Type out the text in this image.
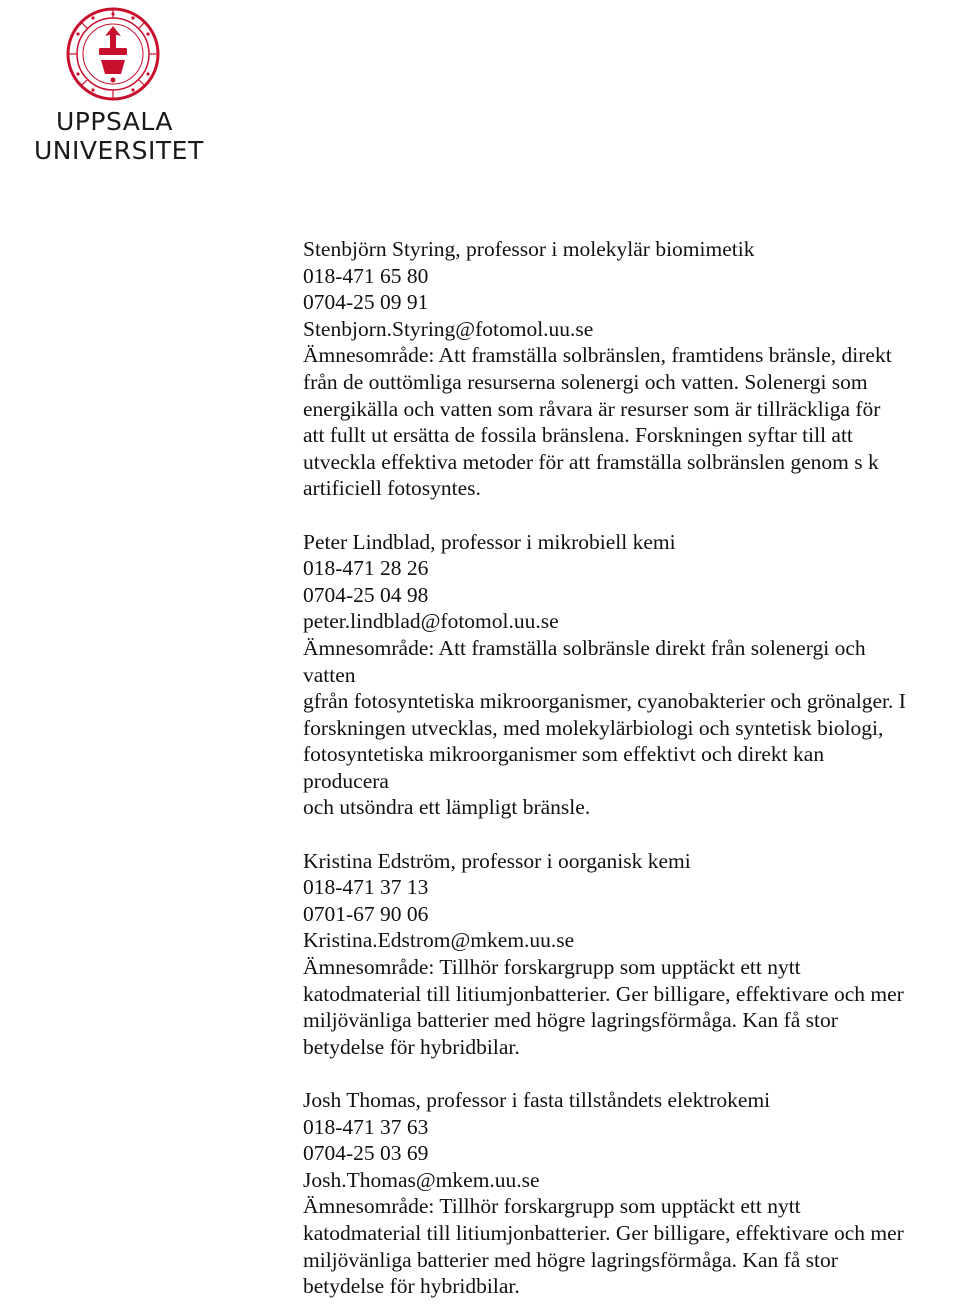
UPPSALA
UNIVERSITET
Stenbjörn Styring, professor i molekylär biomimetik
018-471 65 80
0704-25 09 91
Stenbjorn.Styring@fotomol.uu.se
Ämnesområde: Att framställa solbränslen, framtidens bränsle, direkt
från de outtömliga resurserna solenergi och vatten. Solenergi som
energikälla och vatten som råvara är resurser som är tillräckliga för
att fullt ut ersätta de fossila bränslena. Forskningen syftar till att
utveckla effektiva metoder för att framställa solbränslen genom s k
artificiell fotosyntes.
Peter Lindblad, professor i mikrobiell kemi
018-471 28 26
0704-25 04 98
peter.lindblad@fotomol.uu.se
Ämnesområde: Att framställa solbränsle direkt från solenergi och
vatten
gfrån fotosyntetiska mikroorganismer, cyanobakterier och grönalger. I
forskningen utvecklas, med molekylärbiologi och syntetisk biologi,
fotosyntetiska mikroorganismer som effektivt och direkt kan
producera
och utsöndra ett lämpligt bränsle.
Kristina Edström, professor i oorganisk kemi
018-471 37 13
0701-67 90 06
Kristina.Edstrom@mkem.uu.se
Ämnesområde: Tillhör forskargrupp som upptäckt ett nytt
katodmaterial till litiumjonbatterier. Ger billigare, effektivare och mer
miljövänliga batterier med högre lagringsförmåga. Kan få stor
betydelse för hybridbilar.
Josh Thomas, professor i fasta tillståndets elektrokemi
018-471 37 63
0704-25 03 69
Josh.Thomas@mkem.uu.se
Ämnesområde: Tillhör forskargrupp som upptäckt ett nytt
katodmaterial till litiumjonbatterier. Ger billigare, effektivare och mer
miljövänliga batterier med högre lagringsförmåga. Kan få stor
betydelse för hybridbilar.
